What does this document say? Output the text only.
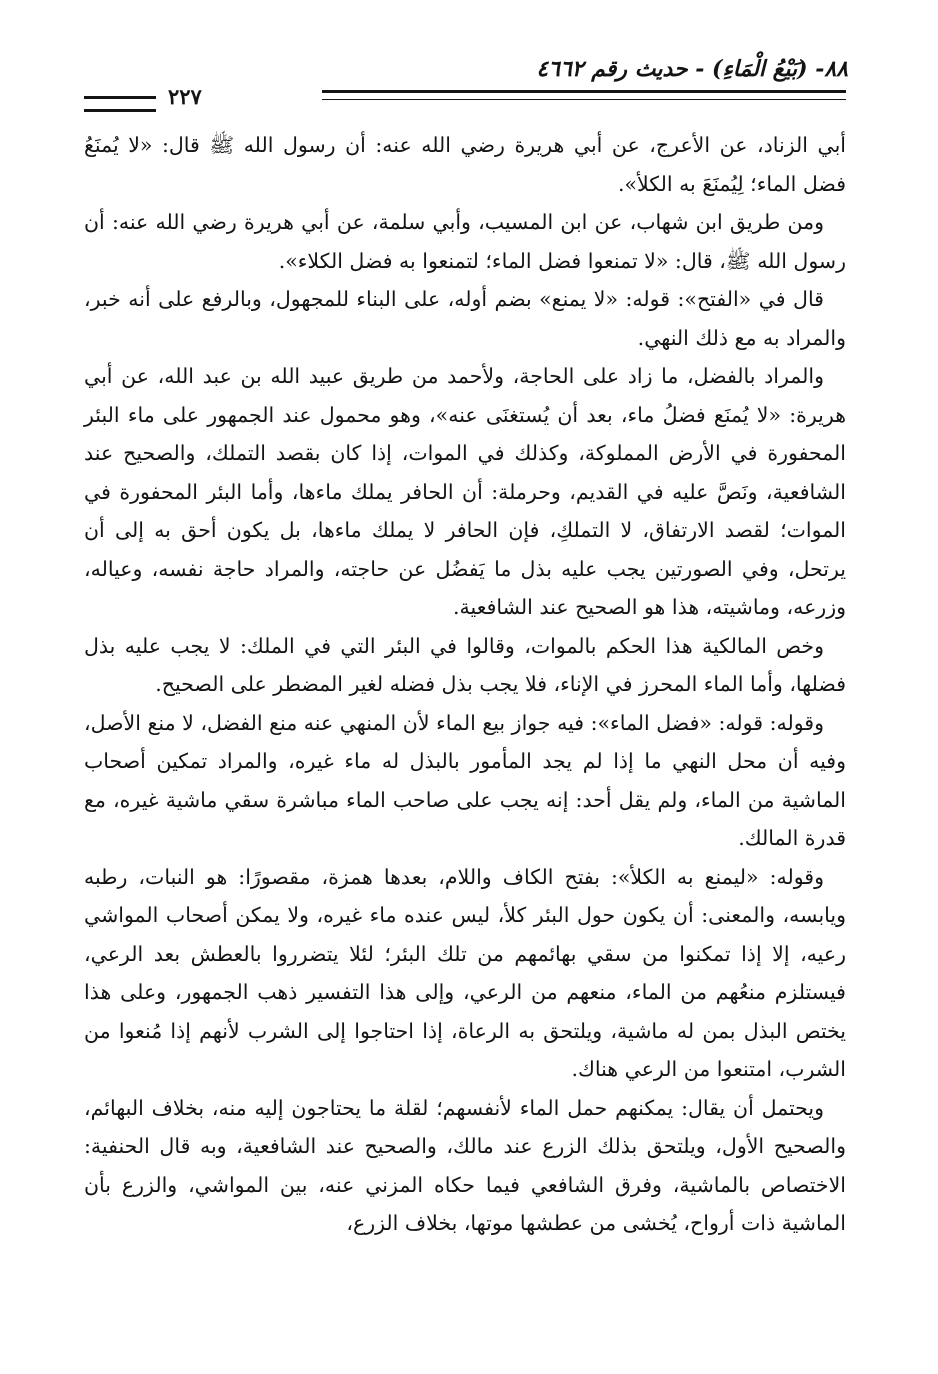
٨٨- (بَيْعُ الْمَاءِ) - حديث رقم ٤٦٦٢
٢٢٧

أبي الزناد، عن الأعرج، عن أبي هريرة رضي الله عنه: أن رسول الله ﷺ قال: «لا يُمنَعُ فضل الماء؛ لِيُمنَعَ به الكلأ».

ومن طريق ابن شهاب، عن ابن المسيب، وأبي سلمة، عن أبي هريرة رضي الله عنه: أن رسول الله ﷺ، قال: «لا تمنعوا فضل الماء؛ لتمنعوا به فضل الكلاء».

قال في «الفتح»: قوله: «لا يمنع» بضم أوله، على البناء للمجهول، وبالرفع على أنه خبر، والمراد به مع ذلك النهي.

والمراد بالفضل، ما زاد على الحاجة، ولأحمد من طريق عبيد الله بن عبد الله، عن أبي هريرة: «لا يُمنَع فضلُ ماء، بعد أن يُستغنَى عنه»، وهو محمول عند الجمهور على ماء البئر المحفورة في الأرض المملوكة، وكذلك في الموات، إذا كان بقصد التملك، والصحيح عند الشافعية، ونَصَّ عليه في القديم، وحرملة: أن الحافر يملك ماءها، وأما البئر المحفورة في الموات؛ لقصد الارتفاق، لا التملكِ، فإن الحافر لا يملك ماءها، بل يكون أحق به إلى أن يرتحل، وفي الصورتين يجب عليه بذل ما يَفضُل عن حاجته، والمراد حاجة نفسه، وعياله، وزرعه، وماشيته، هذا هو الصحيح عند الشافعية.

وخص المالكية هذا الحكم بالموات، وقالوا في البئر التي في الملك: لا يجب عليه بذل فضلها، وأما الماء المحرز في الإناء، فلا يجب بذل فضله لغير المضطر على الصحيح.

وقوله: قوله: «فضل الماء»: فيه جواز بيع الماء لأن المنهي عنه منع الفضل، لا منع الأصل، وفيه أن محل النهي ما إذا لم يجد المأمور بالبذل له ماء غيره، والمراد تمكين أصحاب الماشية من الماء، ولم يقل أحد: إنه يجب على صاحب الماء مباشرة سقي ماشية غيره، مع قدرة المالك.

وقوله: «ليمنع به الكلأ»: بفتح الكاف واللام، بعدها همزة، مقصورًا: هو النبات، رطبه ويابسه، والمعنى: أن يكون حول البئر كلأ، ليس عنده ماء غيره، ولا يمكن أصحاب المواشي رعيه، إلا إذا تمكنوا من سقي بهائمهم من تلك البئر؛ لئلا يتضرروا بالعطش بعد الرعي، فيستلزم منعُهم من الماء، منعهم من الرعي، وإلى هذا التفسير ذهب الجمهور، وعلى هذا يختص البذل بمن له ماشية، ويلتحق به الرعاة، إذا احتاجوا إلى الشرب لأنهم إذا مُنعوا من الشرب، امتنعوا من الرعي هناك.

ويحتمل أن يقال: يمكنهم حمل الماء لأنفسهم؛ لقلة ما يحتاجون إليه منه، بخلاف البهائم، والصحيح الأول، ويلتحق بذلك الزرع عند مالك، والصحيح عند الشافعية، وبه قال الحنفية: الاختصاص بالماشية، وفرق الشافعي فيما حكاه المزني عنه، بين المواشي، والزرع بأن الماشية ذات أرواح، يُخشى من عطشها موتها، بخلاف الزرع،
